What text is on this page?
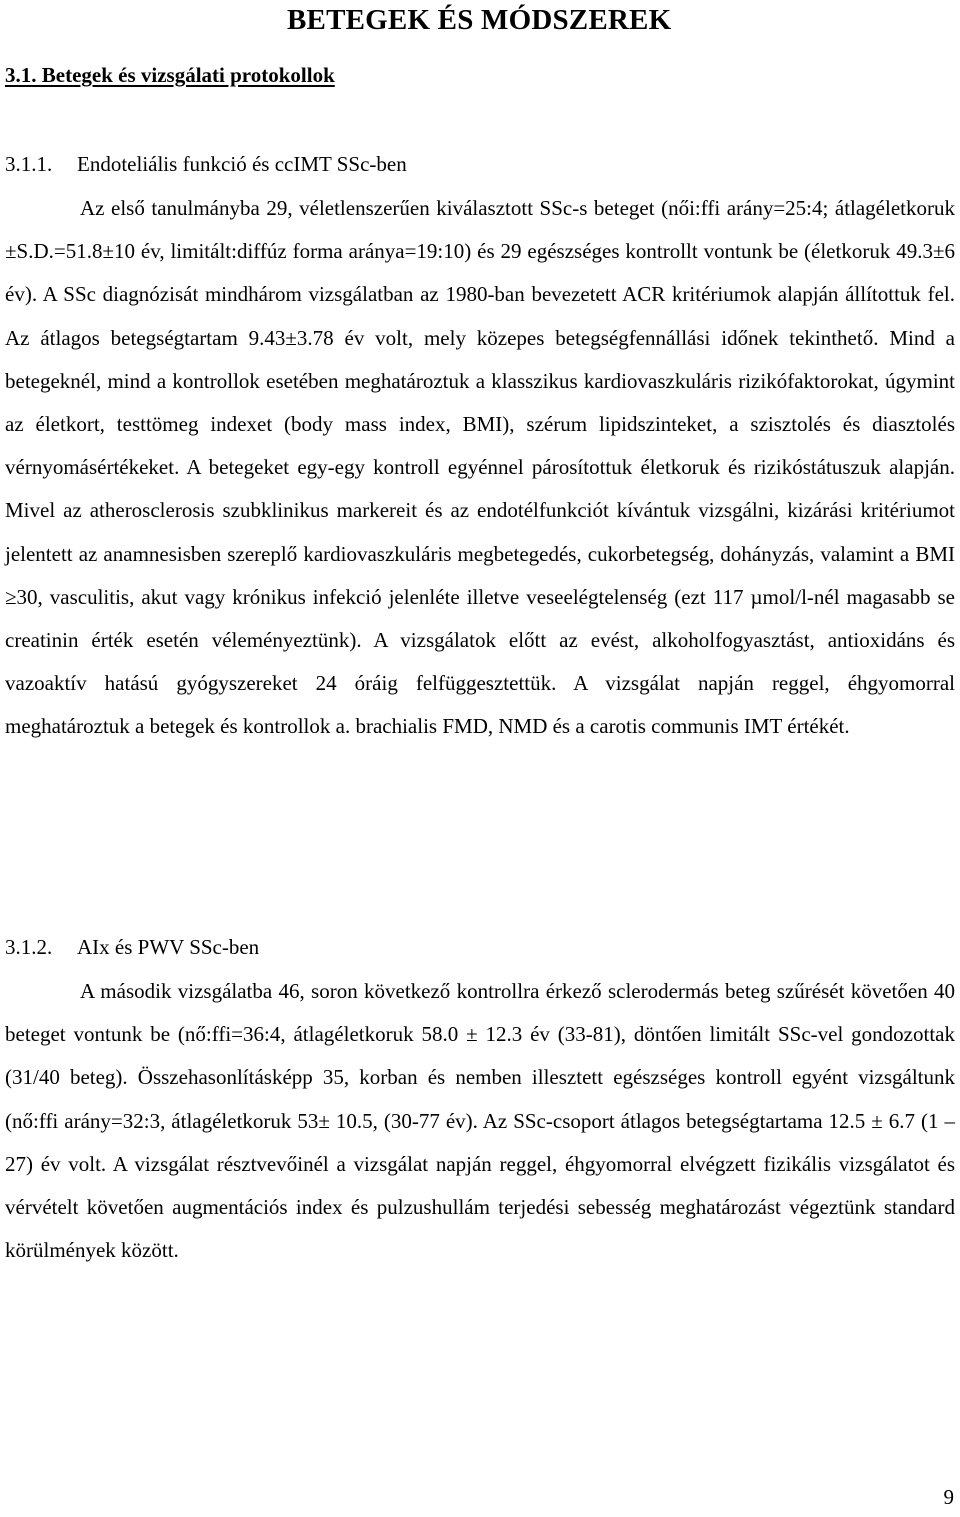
BETEGEK ÉS MÓDSZEREK
3.1. Betegek és vizsgálati protokollok
3.1.1. Endoteliális funkció és ccIMT SSc-ben

Az első tanulmányba 29, véletlenszerűen kiválasztott SSc-s beteget (női:ffi arány=25:4; átlagéletkoruk ±S.D.=51.8±10 év, limitált:diffúz forma aránya=19:10) és 29 egészséges kontrollt vontunk be (életkoruk 49.3±6 év). A SSc diagnózisát mindhárom vizsgálatban az 1980-ban bevezetett ACR kritériumok alapján állítottuk fel. Az átlagos betegségtartam 9.43±3.78 év volt, mely közepes betegségfennállási időnek tekinthető. Mind a betegeknél, mind a kontrollok esetében meghatároztuk a klasszikus kardiovaszkuláris rizikófaktorokat, úgymint az életkort, testtömeg indexet (body mass index, BMI), szérum lipidszinteket, a szisztolés és diasztolés vérnyomásértékeket. A betegeket egy-egy kontroll egyénnel párosítottuk életkoruk és rizikóstátuszuk alapján. Mivel az atherosclerosis szubklinikus markereit és az endotélfunkciót kívántuk vizsgálni, kizárási kritériumot jelentett az anamnesisben szereplő kardiovaszkuláris megbetegedés, cukorbetegség, dohányzás, valamint a BMI ≥30, vasculitis, akut vagy krónikus infekció jelenléte illetve veseelégtelenség (ezt 117 µmol/l-nél magasabb se creatinin érték esetén véleményeztünk). A vizsgálatok előtt az evést, alkoholfogyasztást, antioxidáns és vazoaktív hatású gyógyszereket 24 óráig felfüggesztettük. A vizsgálat napján reggel, éhgyomorral meghatároztuk a betegek és kontrollok a. brachialis FMD, NMD és a carotis communis IMT értékét.

3.1.2. AIx és PWV SSc-ben

A második vizsgálatba 46, soron következő kontrollra érkező sclerodermás beteg szűrését követően 40 beteget vontunk be (nő:ffi=36:4, átlagéletkoruk 58.0 ± 12.3 év (33-81), döntően limitált SSc-vel gondozottak (31/40 beteg). Összehasonlításképp 35, korban és nemben illesztett egészséges kontroll egyént vizsgáltunk (nő:ffi arány=32:3, átlagéletkoruk 53± 10.5, (30-77 év). Az SSc-csoport átlagos betegségtartama 12.5 ± 6.7 (1 – 27) év volt. A vizsgálat résztvevőinél a vizsgálat napján reggel, éhgyomorral elvégzett fizikális vizsgálatot és vérvételt követően augmentációs index és pulzushullám terjedési sebesség meghatározást végeztünk standard körülmények között.

9
